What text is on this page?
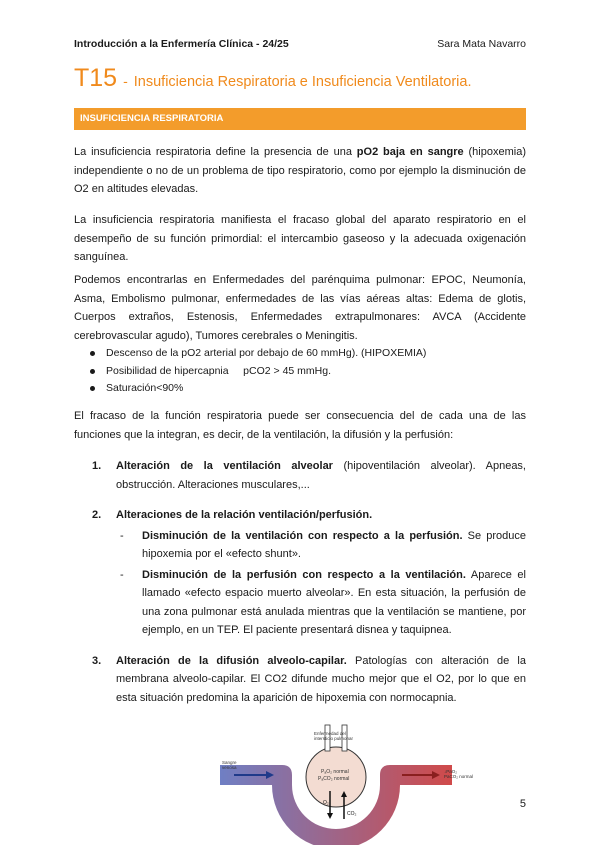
Introducción a la Enfermería Clínica - 24/25	Sara Mata Navarro
T15 - Insuficiencia Respiratoria e Insuficiencia Ventilatoria.
INSUFICIENCIA RESPIRATORIA
La insuficiencia respiratoria define la presencia de una pO2 baja en sangre (hipoxemia) independiente o no de un problema de tipo respiratorio, como por ejemplo la disminución de O2 en altitudes elevadas.
La insuficiencia respiratoria manifiesta el fracaso global del aparato respiratorio en el desempeño de su función primordial: el intercambio gaseoso y la adecuada oxigenación sanguínea.
Podemos encontrarlas en Enfermedades del parénquima pulmonar: EPOC, Neumonía, Asma, Embolismo pulmonar, enfermedades de las vías aéreas altas: Edema de glotis, Cuerpos extraños, Estenosis, Enfermedades extrapulmonares: AVCA (Accidente cerebrovascular agudo), Tumores cerebrales o Meningitis.
Descenso de la pO2 arterial por debajo de 60 mmHg). (HIPOXEMIA)
Posibilidad de hipercapnia     pCO2 > 45 mmHg.
Saturación<90%
El fracaso de la función respiratoria puede ser consecuencia del de cada una de las funciones que la integran, es decir, de la ventilación, la difusión y la perfusión:
1. Alteración de la ventilación alveolar (hipoventilación alveolar). Apneas, obstrucción. Alteraciones musculares,...
2. Alteraciones de la relación ventilación/perfusión.
- Disminución de la ventilación con respecto a la perfusión. Se produce hipoxemia por el «efecto shunt».
- Disminución de la perfusión con respecto a la ventilación. Aparece el llamado «efecto espacio muerto alveolar». En esta situación, la perfusión de una zona pulmonar está anulada mientras que la ventilación se mantiene, por ejemplo, en un TEP. El paciente presentará disnea y taquipnea.
3. Alteración de la difusión alveolo-capilar. Patologías con alteración de la membrana alveolo-capilar. El CO2 difunde mucho mejor que el O2, por lo que en esta situación predomina la aparición de hipoxemia con normocapnia.
Enfermedad del intersticio pulmonar
Sangre venosa
PₐO₂ normal
PₐCO₂ normal
O₂
CO₂
↓PaO₂ PaCO₂ normal
5
